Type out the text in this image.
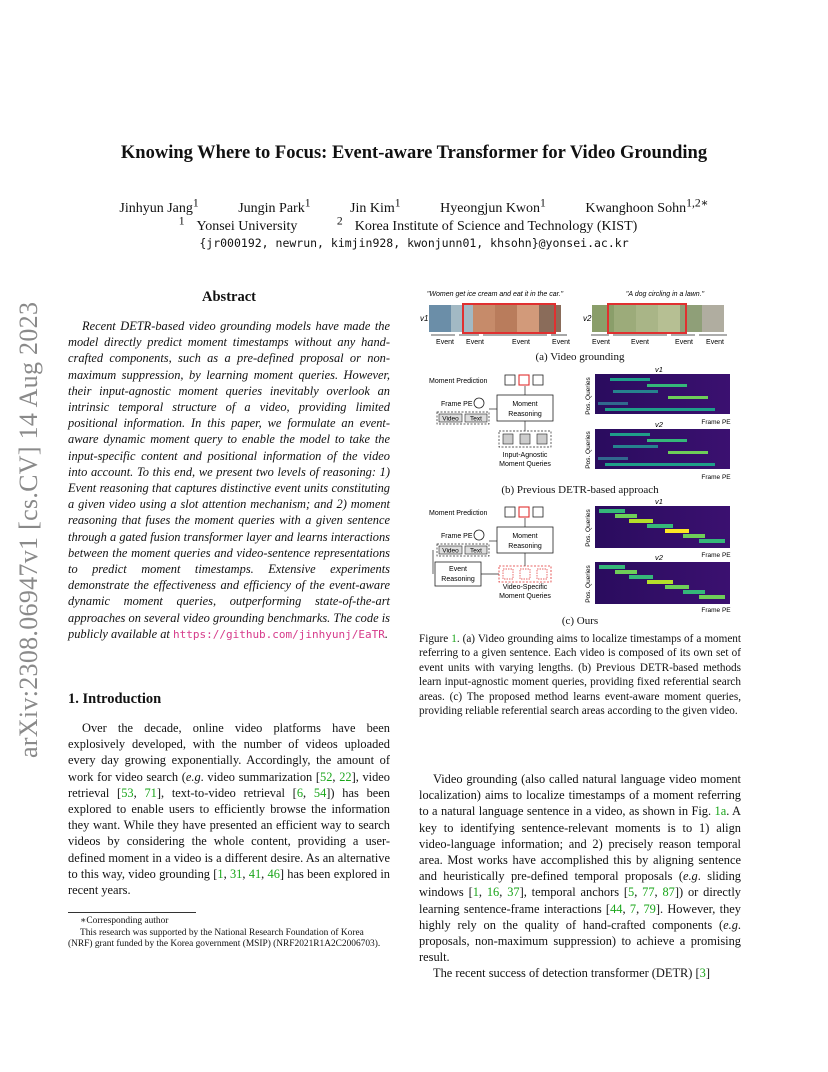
Knowing Where to Focus: Event-aware Transformer for Video Grounding
Jinhyun Jang$^1$	Jungin Park$^1$	Jin Kim$^1$	Hyeongjun Kwon$^1$	Kwanghoon Sohn$^{1,2∗}$
$^1$ Yonsei University	$^2$ Korea Institute of Science and Technology (KIST)
{jr000192, newrun, kimjin928, kwonjunn01, khsohn}@yonsei.ac.kr
arXiv:2308.06947v1 [cs.CV] 14 Aug 2023
Abstract
Recent DETR-based video grounding models have made the model directly predict moment timestamps without any hand-crafted components, such as a pre-defined proposal or non-maximum suppression, by learning moment queries. However, their input-agnostic moment queries inevitably overlook an intrinsic temporal structure of a video, providing limited positional information. In this paper, we formulate an event-aware dynamic moment query to enable the model to take the input-specific content and positional information of the video into account. To this end, we present two levels of reasoning: 1) Event reasoning that captures distinctive event units constituting a given video using a slot attention mechanism; and 2) moment reasoning that fuses the moment queries with a given sentence through a gated fusion transformer layer and learns interactions between the moment queries and video-sentence representations to predict moment timestamps. Extensive experiments demonstrate the effectiveness and efficiency of the event-aware dynamic moment queries, outperforming state-of-the-art approaches on several video grounding benchmarks. The code is publicly available at https://github.com/jinhyunj/EaTR.
1. Introduction
Over the decade, online video platforms have been explosively developed, with the number of videos uploaded every day growing exponentially. Accordingly, the amount of work for video search (e.g. video summarization [52, 22], video retrieval [53, 71], text-to-video retrieval [6, 54]) has been explored to enable users to efficiently browse the information they want. While they have presented an efficient way to search videos by considering the whole content, providing a user-defined moment in a video is a different desire. As an alternative to this way, video grounding [1, 31, 41, 46] has been explored in recent years.

∗Corresponding author

This research was supported by the National Research Foundation of Korea (NRF) grant funded by the Korea government (MSIP) (NRF2021R1A2C2006703).

"Women get ice cream and eat it in the car."	"A dog circling in a lawn."
v1	v2
Event Event	Event	Event	Event	Event	Event Event
Moment Prediction
Frame PE
Video Text
Moment
Reasoning
Input-Agnostic
Moment Queries
v1
Pos. Queries
Frame PE
v2
Pos. Queries
Frame PE
Moment Prediction
Frame PE
Video Text
Moment
Reasoning
Event
Reasoning
Video-Specific
Moment Queries
v1
Pos. Queries
Frame PE
v2
Pos. Queries
Frame PE
(a) Video grounding
(b) Previous DETR-based approach
(c) Ours
Figure 1. (a) Video grounding aims to localize timestamps of a moment referring to a given sentence. Each video is composed of its own set of event units with varying lengths. (b) Previous DETR-based methods learn input-agnostic moment queries, providing fixed referential search areas. (c) The proposed method learns event-aware moment queries, providing reliable referential search areas according to the given video.

Video grounding (also called natural language video moment localization) aims to localize timestamps of a moment referring to a natural language sentence in a video, as shown in Fig. 1a. A key to identifying sentence-relevant moments is to 1) align video-language information; and 2) precisely reason temporal area. Most works have accomplished this by aligning sentence and heuristically pre-defined temporal proposals (e.g. sliding windows [1, 16, 37], temporal anchors [5, 77, 87]) or directly learning sentence-frame interactions [44, 7, 79]. However, they highly rely on the quality of hand-crafted components (e.g. proposals, non-maximum suppression) to achieve a promising result.

The recent success of detection transformer (DETR) [3]
